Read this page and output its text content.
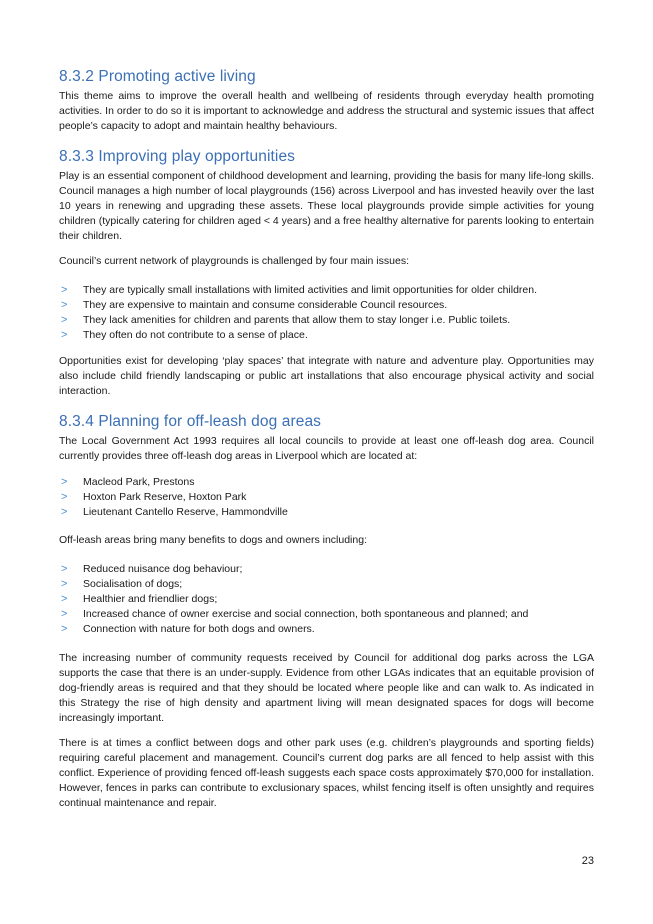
8.3.2 Promoting active living

This theme aims to improve the overall health and wellbeing of residents through everyday health promoting activities. In order to do so it is important to acknowledge and address the structural and systemic issues that affect people’s capacity to adopt and maintain healthy behaviours.

8.3.3 Improving play opportunities

Play is an essential component of childhood development and learning, providing the basis for many life-long skills. Council manages a high number of local playgrounds (156) across Liverpool and has invested heavily over the last 10 years in renewing and upgrading these assets. These local playgrounds provide simple activities for young children (typically catering for children aged < 4 years) and a free healthy alternative for parents looking to entertain their children.

Council’s current network of playgrounds is challenged by four main issues:

> They are typically small installations with limited activities and limit opportunities for older children.
> They are expensive to maintain and consume considerable Council resources.
> They lack amenities for children and parents that allow them to stay longer i.e. Public toilets.
> They often do not contribute to a sense of place.

Opportunities exist for developing ‘play spaces’ that integrate with nature and adventure play. Opportunities may also include child friendly landscaping or public art installations that also encourage physical activity and social interaction.

8.3.4 Planning for off-leash dog areas

The Local Government Act 1993 requires all local councils to provide at least one off-leash dog area. Council currently provides three off-leash dog areas in Liverpool which are located at:

> Macleod Park, Prestons
> Hoxton Park Reserve, Hoxton Park
> Lieutenant Cantello Reserve, Hammondville

Off-leash areas bring many benefits to dogs and owners including:

> Reduced nuisance dog behaviour;
> Socialisation of dogs;
> Healthier and friendlier dogs;
> Increased chance of owner exercise and social connection, both spontaneous and planned; and
> Connection with nature for both dogs and owners.

The increasing number of community requests received by Council for additional dog parks across the LGA supports the case that there is an under-supply. Evidence from other LGAs indicates that an equitable provision of dog-friendly areas is required and that they should be located where people like and can walk to. As indicated in this Strategy the rise of high density and apartment living will mean designated spaces for dogs will become increasingly important.

There is at times a conflict between dogs and other park uses (e.g. children’s playgrounds and sporting fields) requiring careful placement and management. Council’s current dog parks are all fenced to help assist with this conflict. Experience of providing fenced off-leash suggests each space costs approximately $70,000 for installation. However, fences in parks can contribute to exclusionary spaces, whilst fencing itself is often unsightly and requires continual maintenance and repair.

23
